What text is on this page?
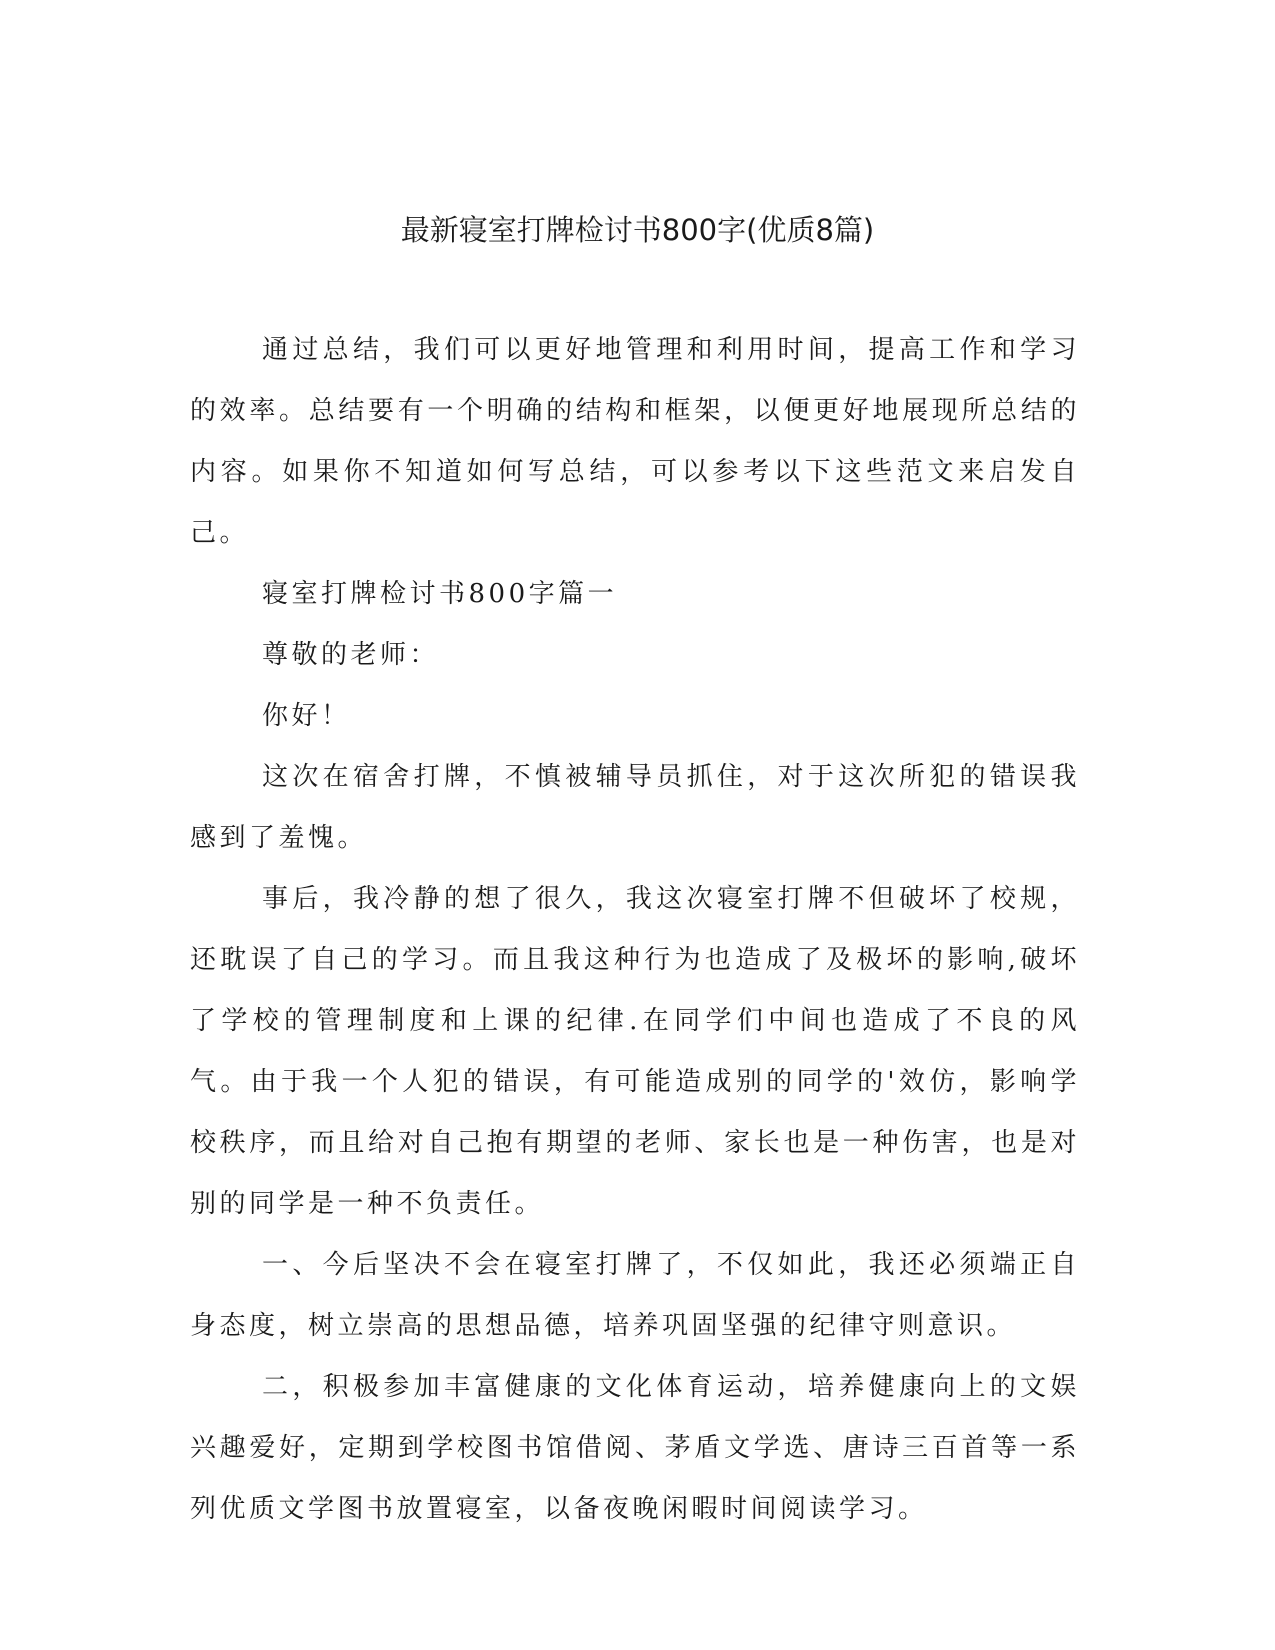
最新寝室打牌检讨书800字(优质8篇)

通过总结，我们可以更好地管理和利用时间，提高工作和学习的效率。总结要有一个明确的结构和框架，以便更好地展现所总结的内容。如果你不知道如何写总结，可以参考以下这些范文来启发自己。

寝室打牌检讨书800字篇一

尊敬的老师：

你好！

这次在宿舍打牌，不慎被辅导员抓住，对于这次所犯的错误我感到了羞愧。

事后，我冷静的想了很久，我这次寝室打牌不但破坏了校规，还耽误了自己的学习。而且我这种行为也造成了及极坏的影响,破坏了学校的管理制度和上课的纪律.在同学们中间也造成了不良的风气。由于我一个人犯的错误，有可能造成别的同学的'效仿，影响学校秩序，而且给对自己抱有期望的老师、家长也是一种伤害，也是对别的同学是一种不负责任。

一、今后坚决不会在寝室打牌了，不仅如此，我还必须端正自身态度，树立崇高的思想品德，培养巩固坚强的纪律守则意识。

二，积极参加丰富健康的文化体育运动，培养健康向上的文娱兴趣爱好，定期到学校图书馆借阅、茅盾文学选、唐诗三百首等一系列优质文学图书放置寝室，以备夜晚闲暇时间阅读学习。
